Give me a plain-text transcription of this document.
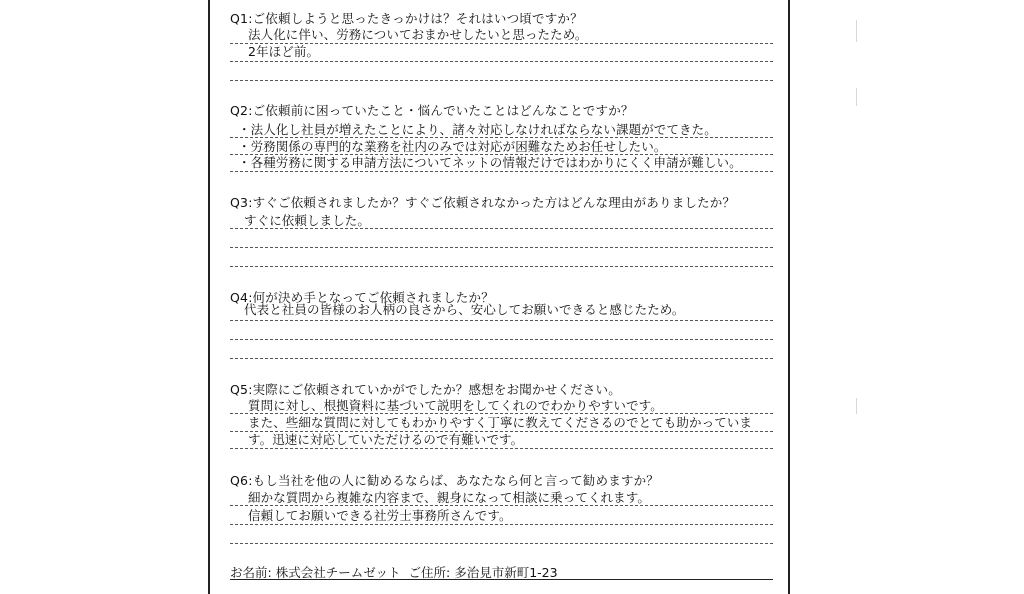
Q1:ご依頼しようと思ったきっかけは？それはいつ頃ですか？
法人化に伴い、労務についておまかせしたいと思ったため。
2年ほど前。
Q2:ご依頼前に困っていたこと・悩んでいたことはどんなことですか？
・法人化し社員が増えたことにより、諸々対応しなければならない課題がでてきた。
・労務関係の専門的な業務を社内のみでは対応が困難なためお任せしたい。
・各種労務に関する申請方法についてネットの情報だけではわかりにくく申請が難しい。
Q3:すぐご依頼されましたか？すぐご依頼されなかった方はどんな理由がありましたか？
すぐに依頼しました。
Q4:何が決め手となってご依頼されましたか？
代表と社員の皆様のお人柄の良さから、安心してお願いできると感じたため。
Q5:実際にご依頼されていかがでしたか？感想をお聞かせください。
質問に対し、根拠資料に基づいて説明をしてくれのでわかりやすいです。
また、些細な質問に対してもわかりやすく丁寧に教えてくださるのでとても助かっていま
す。迅速に対応していただけるので有難いです。
Q6:もし当社を他の人に勧めるならば、あなたなら何と言って勧めますか？
細かな質問から複雑な内容まで、親身になって相談に乗ってくれます。
信頼してお願いできる社労士事務所さんです。
お名前: 株式会社チームゼット ご住所: 多治見市新町1-23
